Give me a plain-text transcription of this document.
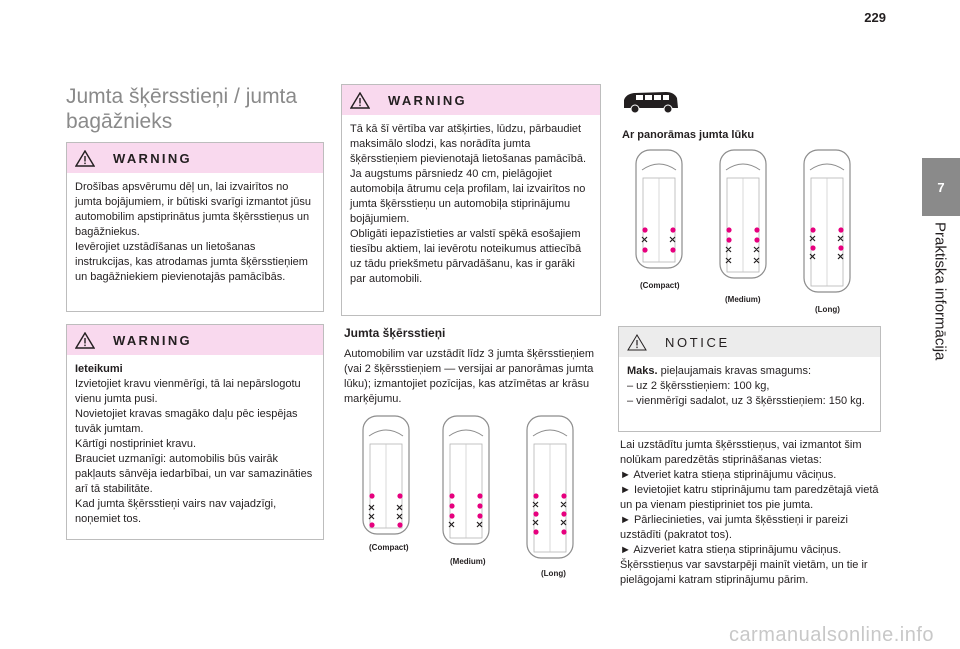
229
7
Praktiska informācija
Jumta šķērsstieņi / jumta bagāžnieks
WARNING
Drošības apsvērumu dēļ un, lai izvairītos no jumta bojājumiem, ir būtiski svarīgi izmantot jūsu automobilim apstiprinātus jumta šķērsstieņus un bagāžniekus.
Ievērojiet uzstādīšanas un lietošanas instrukcijas, kas atrodamas jumta šķērsstieņiem un bagāžniekiem pievienotajās pamācībās.
WARNING
Ieteikumi
Izvietojiet kravu vienmērīgi, tā lai nepārslogotu vienu jumta pusi.
Novietojiet kravas smagāko daļu pēc iespējas tuvāk jumtam.
Kārtīgi nostipriniet kravu.
Brauciet uzmanīgi: automobilis būs vairāk pakļauts sānvēja iedarbībai, un var samazināties arī tā stabilitāte.
Kad jumta šķērsstieņi vairs nav vajadzīgi, noņemiet tos.
WARNING
Tā kā šī vērtība var atšķirties, lūdzu, pārbaudiet maksimālo slodzi, kas norādīta jumta šķērsstieņiem pievienotajā lietošanas pamācībā.
Ja augstums pārsniedz 40 cm, pielāgojiet automobiļa ātrumu ceļa profilam, lai izvairītos no jumta šķērsstieņu un automobiļa stiprinājumu bojājumiem.
Obligāti iepazīstieties ar valstī spēkā esošajiem tiesību aktiem, lai ievērotu noteikumus attiecībā uz tādu priekšmetu pārvadāšanu, kas ir garāki par automobili.
Jumta šķērsstieņi
Automobilim var uzstādīt līdz 3 jumta šķērsstieņiem (vai 2 šķērsstieņiem — versijai ar panorāmas jumta lūku); izmantojiet pozīcijas, kas atzīmētas ar krāsu marķējumu.
(Compact)
(Medium)
(Long)
Ar panorāmas jumta lūku
(Compact)
(Medium)
(Long)
NOTICE
Maks. pieļaujamais kravas smagums:
– uz 2 šķērsstieņiem: 100 kg,
– vienmērīgi sadalot, uz 3 šķērsstieņiem: 150 kg.
Lai uzstādītu jumta šķērsstieņus, vai izmantot šim nolūkam paredzētās stiprināšanas vietas:
► Atveriet katra stieņa stiprinājumu vāciņus.
► Ievietojiet katru stiprinājumu tam paredzētajā vietā un pa vienam piestipriniet tos pie jumta.
► Pārliecinieties, vai jumta šķēsstieņi ir pareizi uzstādīti (pakratot tos).
► Aizveriet katra stieņa stiprinājumu vāciņus.
Šķērsstieņus var savstarpēji mainīt vietām, un tie ir pielāgojami katram stiprinājumu pārim.
carmanualsonline.info
